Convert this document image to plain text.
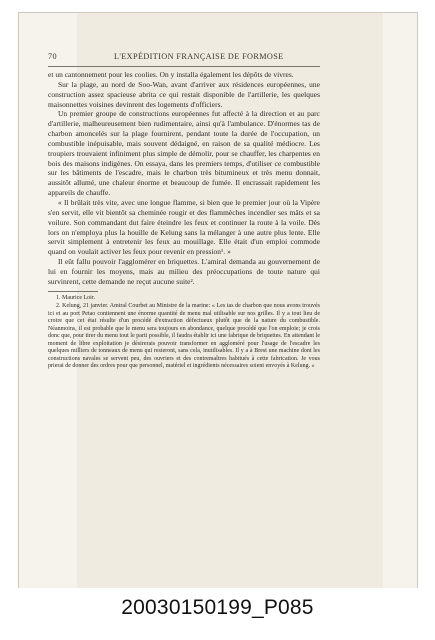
70	L'EXPÉDITION FRANÇAISE DE FORMOSE

et un cantonnement pour les coolies. On y installa également les dépôts de vivres.

Sur la plage, au nord de Soo-Wan, avant d'arriver aux résidences européennes, une construction assez spacieuse abrita ce qui restait disponible de l'artillerie, les quelques maisonnettes voisines devinrent des logements d'officiers.

Un premier groupe de constructions européennes fut affecté à la direction et au parc d'artillerie, malheureusement bien rudimentaire, ainsi qu'à l'ambulance. D'énormes tas de charbon amoncelés sur la plage fournirent, pendant toute la durée de l'occupation, un combustible inépuisable, mais souvent dédaigné, en raison de sa qualité médiocre. Les troupiers trouvaient infiniment plus simple de démolir, pour se chauffer, les charpentes en bois des maisons indigènes. On essaya, dans les premiers temps, d'utiliser ce combustible sur les bâtiments de l'escadre, mais le charbon très bitumineux et très menu donnait, aussitôt allumé, une chaleur énorme et beaucoup de fumée. Il encrassait rapidement les appareils de chauffe.

« Il brûlait très vite, avec une longue flamme, si bien que le premier jour où la Vipère s'en servit, elle vit bientôt sa cheminée rougir et des flammèches incendier ses mâts et sa voilure. Son commandant dut faire éteindre les feux et continuer la route à la voile. Dès lors on n'employa plus la houille de Kelung sans la mélanger à une autre plus lente. Elle servit simplement à entretenir les feux au mouillage. Elle était d'un emploi commode quand on voulait activer les feux pour revenir en pression¹. »

Il eût fallu pouvoir l'agglomérer en briquettes. L'amiral demanda au gouvernement de lui en fournir les moyens, mais au milieu des préoccupations de toute nature qui survinrent, cette demande ne reçut aucune suite².

1. Maurice Loir.

2. Kelung, 21 janvier. Amiral Courbet au Ministre de la marine: « Les tas de charbon que nous avons trouvés ici et au port Petao contiennent une énorme quantité de menu mal utilisable sur nos grilles. Il y a tout lieu de croire que cet état résulte d'un procédé d'extraction défectueux plutôt que de la nature du combustible. Néanmoins, il est probable que le menu sera toujours en abondance, quelque procédé que l'on emploie; je crois donc que, pour tirer du menu tout le parti possible, il faudra établir ici une fabrique de briquettes. En attendant le moment de libre exploitation je désirerais pouvoir transformer en aggloméré pour l'usage de l'escadre les quelques milliers de tonneaux de menu qui resteront, sans cela, inutilisables. Il y a à Brest une machine dont les constructions navales se servent peu, des ouvriers et des contremaîtres habitués à cette fabrication. Je vous prierai de donner des ordres pour que personnel, matériel et ingrédients nécessaires soient envoyés à Kelung. »

20030150199_P085
